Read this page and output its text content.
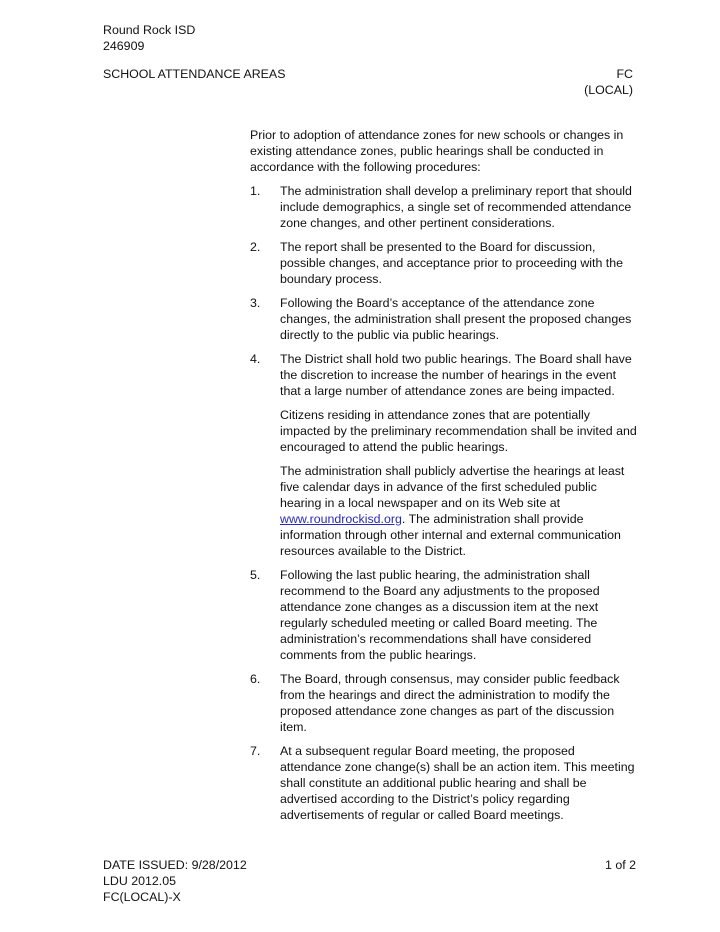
Round Rock ISD
246909
SCHOOL ATTENDANCE AREAS	FC
(LOCAL)
Prior to adoption of attendance zones for new schools or changes in existing attendance zones, public hearings shall be conducted in accordance with the following procedures:
1.	The administration shall develop a preliminary report that should include demographics, a single set of recommended attendance zone changes, and other pertinent considerations.
2.	The report shall be presented to the Board for discussion, possible changes, and acceptance prior to proceeding with the boundary process.
3.	Following the Board’s acceptance of the attendance zone changes, the administration shall present the proposed changes directly to the public via public hearings.
4.	The District shall hold two public hearings. The Board shall have the discretion to increase the number of hearings in the event that a large number of attendance zones are being impacted.
Citizens residing in attendance zones that are potentially impacted by the preliminary recommendation shall be invited and encouraged to attend the public hearings.
The administration shall publicly advertise the hearings at least five calendar days in advance of the first scheduled public hearing in a local newspaper and on its Web site at www.roundrockisd.org. The administration shall provide information through other internal and external communication resources available to the District.
5.	Following the last public hearing, the administration shall recommend to the Board any adjustments to the proposed attendance zone changes as a discussion item at the next regularly scheduled meeting or called Board meeting. The administration’s recommendations shall have considered comments from the public hearings.
6.	The Board, through consensus, may consider public feedback from the hearings and direct the administration to modify the proposed attendance zone changes as part of the discussion item.
7.	At a subsequent regular Board meeting, the proposed attendance zone change(s) shall be an action item. This meeting shall constitute an additional public hearing and shall be advertised according to the District’s policy regarding advertisements of regular or called Board meetings.
DATE ISSUED: 9/28/2012
LDU 2012.05
FC(LOCAL)-X
1 of 2
